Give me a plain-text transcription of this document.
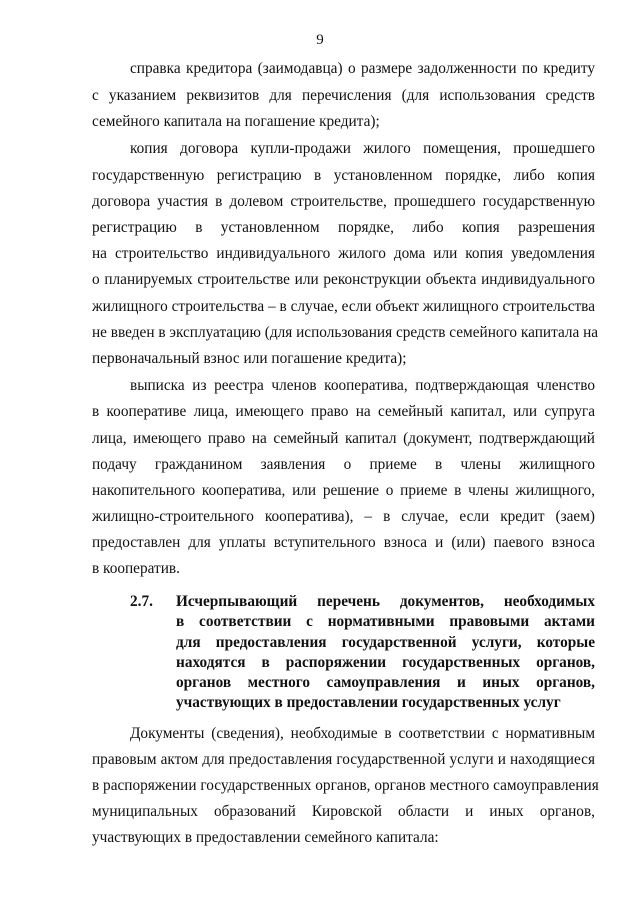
9
справка кредитора (заимодавца) о размере задолженности по кредиту
с указанием реквизитов для перечисления (для использования средств
семейного капитала на погашение кредита);
копия договора купли-продажи жилого помещения, прошедшего
государственную регистрацию в установленном порядке, либо копия
договора участия в долевом строительстве, прошедшего государственную
регистрацию в установленном порядке, либо копия разрешения
на строительство индивидуального жилого дома или копия уведомления
о планируемых строительстве или реконструкции объекта индивидуального
жилищного строительства – в случае, если объект жилищного строительства
не введен в эксплуатацию (для использования средств семейного капитала на
первоначальный взнос или погашение кредита);
выписка из реестра членов кооператива, подтверждающая членство
в кооперативе лица, имеющего право на семейный капитал, или супруга
лица, имеющего право на семейный капитал (документ, подтверждающий
подачу гражданином заявления о приеме в члены жилищного
накопительного кооператива, или решение о приеме в члены жилищного,
жилищно-строительного кооператива), – в случае, если кредит (заем)
предоставлен для уплаты вступительного взноса и (или) паевого взноса
в кооператив.
2.7. Исчерпывающий перечень документов, необходимых
в соответствии с нормативными правовыми актами
для предоставления государственной услуги, которые
находятся в распоряжении государственных органов,
органов местного самоуправления и иных органов,
участвующих в предоставлении государственных услуг
Документы (сведения), необходимые в соответствии с нормативным
правовым актом для предоставления государственной услуги и находящиеся
в распоряжении государственных органов, органов местного самоуправления
муниципальных образований Кировской области и иных органов,
участвующих в предоставлении семейного капитала:
